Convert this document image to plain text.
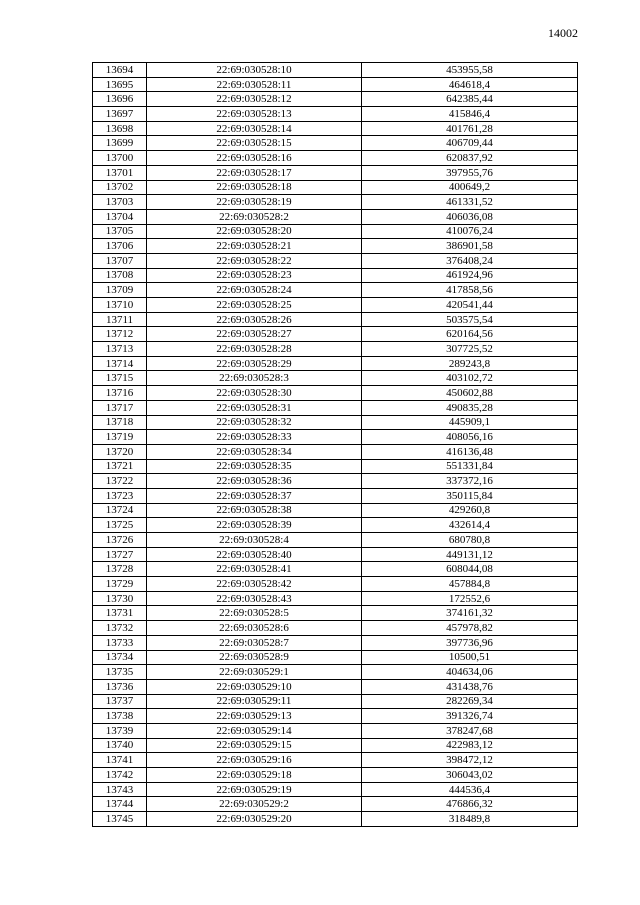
14002
13694	22:69:030528:10	453955,58
13695	22:69:030528:11	464618,4
13696	22:69:030528:12	642385,44
13697	22:69:030528:13	415846,4
13698	22:69:030528:14	401761,28
13699	22:69:030528:15	406709,44
13700	22:69:030528:16	620837,92
13701	22:69:030528:17	397955,76
13702	22:69:030528:18	400649,2
13703	22:69:030528:19	461331,52
13704	22:69:030528:2	406036,08
13705	22:69:030528:20	410076,24
13706	22:69:030528:21	386901,58
13707	22:69:030528:22	376408,24
13708	22:69:030528:23	461924,96
13709	22:69:030528:24	417858,56
13710	22:69:030528:25	420541,44
13711	22:69:030528:26	503575,54
13712	22:69:030528:27	620164,56
13713	22:69:030528:28	307725,52
13714	22:69:030528:29	289243,8
13715	22:69:030528:3	403102,72
13716	22:69:030528:30	450602,88
13717	22:69:030528:31	490835,28
13718	22:69:030528:32	445909,1
13719	22:69:030528:33	408056,16
13720	22:69:030528:34	416136,48
13721	22:69:030528:35	551331,84
13722	22:69:030528:36	337372,16
13723	22:69:030528:37	350115,84
13724	22:69:030528:38	429260,8
13725	22:69:030528:39	432614,4
13726	22:69:030528:4	680780,8
13727	22:69:030528:40	449131,12
13728	22:69:030528:41	608044,08
13729	22:69:030528:42	457884,8
13730	22:69:030528:43	172552,6
13731	22:69:030528:5	374161,32
13732	22:69:030528:6	457978,82
13733	22:69:030528:7	397736,96
13734	22:69:030528:9	10500,51
13735	22:69:030529:1	404634,06
13736	22:69:030529:10	431438,76
13737	22:69:030529:11	282269,34
13738	22:69:030529:13	391326,74
13739	22:69:030529:14	378247,68
13740	22:69:030529:15	422983,12
13741	22:69:030529:16	398472,12
13742	22:69:030529:18	306043,02
13743	22:69:030529:19	444536,4
13744	22:69:030529:2	476866,32
13745	22:69:030529:20	318489,8
